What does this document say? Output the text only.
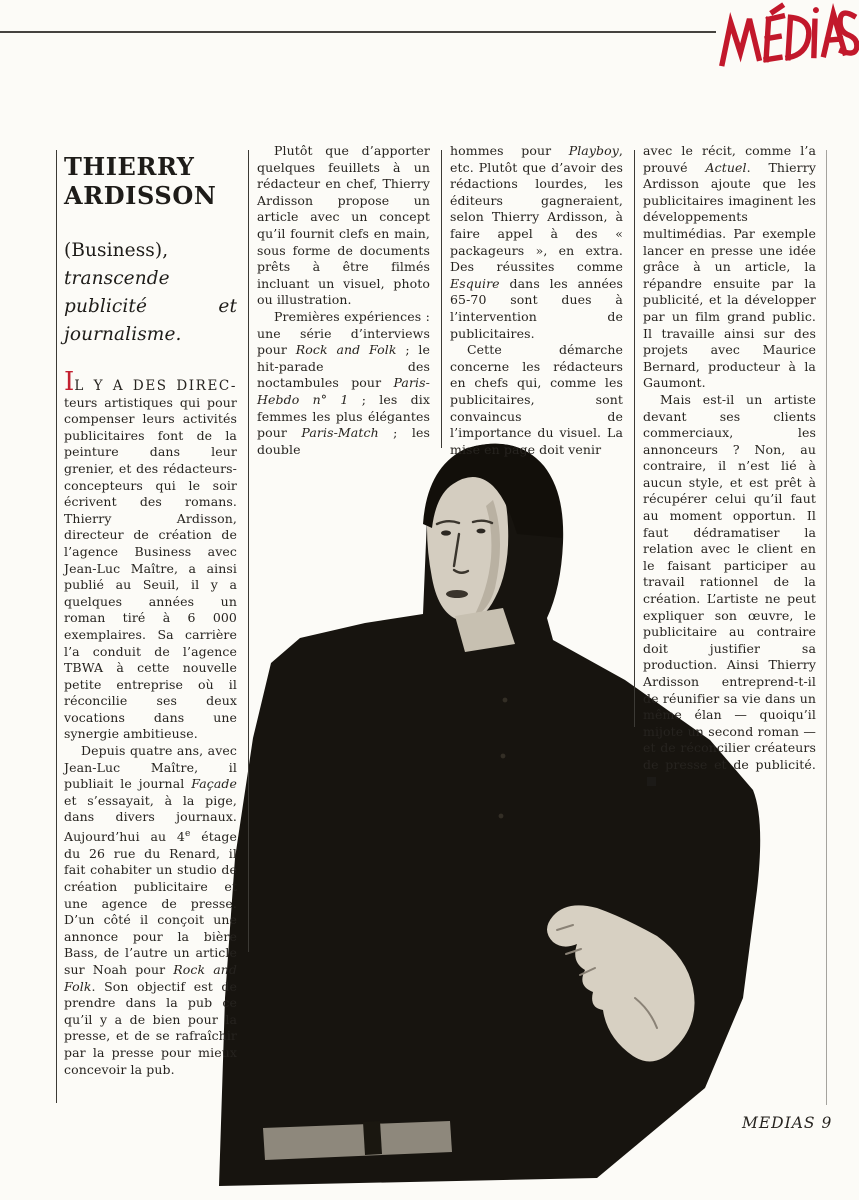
THIERRY ARDISSON
(Business), transcende publicité et journalisme.

IL Y A DES DIREC-teurs artistiques qui pour compenser leurs activités publicitaires font de la peinture dans leur grenier, et des rédacteurs-concepteurs qui le soir écrivent des romans. Thierry Ardisson, directeur de création de l’agence Business avec Jean-Luc Maître, a ainsi publié au Seuil, il y a quelques années un roman tiré à 6 000 exemplaires. Sa carrière l’a conduit de l’agence TBWA à cette nouvelle petite entreprise où il réconcilie ses deux vocations dans une synergie ambitieuse.

Depuis quatre ans, avec Jean-Luc Maître, il publiait le journal Façade et s’essayait, à la pige, dans divers journaux. Aujourd’hui au 4e étage du 26 rue du Renard, il fait cohabiter un studio de création publicitaire et une agence de presse. D’un côté il conçoit une annonce pour la bière Bass, de l’autre un article sur Noah pour Rock and Folk. Son objectif est de prendre dans la pub ce qu’il y a de bien pour la presse, et de se rafraîchir par la presse pour mieux concevoir la pub.

Plutôt que d’apporter quelques feuillets à un rédacteur en chef, Thierry Ardisson propose un article avec un concept qu’il fournit clefs en main, sous forme de documents prêts à être filmés incluant un visuel, photo ou illustration.

Premières expériences : une série d’interviews pour Rock and Folk ; le hit-parade des noctambules pour Paris-Hebdo n° 1 ; les dix femmes les plus élégantes pour Paris-Match ; les double

hommes pour Playboy, etc. Plutôt que d’avoir des rédactions lourdes, les éditeurs gagneraient, selon Thierry Ardisson, à faire appel à des « packageurs », en extra. Des réussites comme Esquire dans les années 65-70 sont dues à l’intervention de publicitaires.

Cette démarche concerne les rédacteurs en chefs qui, comme les publicitaires, sont convaincus de l’importance du visuel. La mise en page doit venir

avec le récit, comme l’a prouvé Actuel. Thierry Ardisson ajoute que les publicitaires imaginent les développements multimédias. Par exemple lancer en presse une idée grâce à un article, la répandre ensuite par la publicité, et la développer par un film grand public. Il travaille ainsi sur des projets avec Maurice Bernard, producteur à la Gaumont.

Mais est-il un artiste devant ses clients commerciaux, les annonceurs ? Non, au contraire, il n’est lié à aucun style, et est prêt à récupérer celui qu’il faut au moment opportun. Il faut dédramatiser la relation avec le client en le faisant participer au travail rationnel de la création. L’artiste ne peut expliquer son œuvre, le publicitaire au contraire doit justifier sa production. Ainsi Thierry Ardisson entreprend-t-il de réunifier sa vie dans un même élan — quoiqu’il mijote un second roman — et de réconcilier créateurs de presse et de publicité.

MEDIAS 9
